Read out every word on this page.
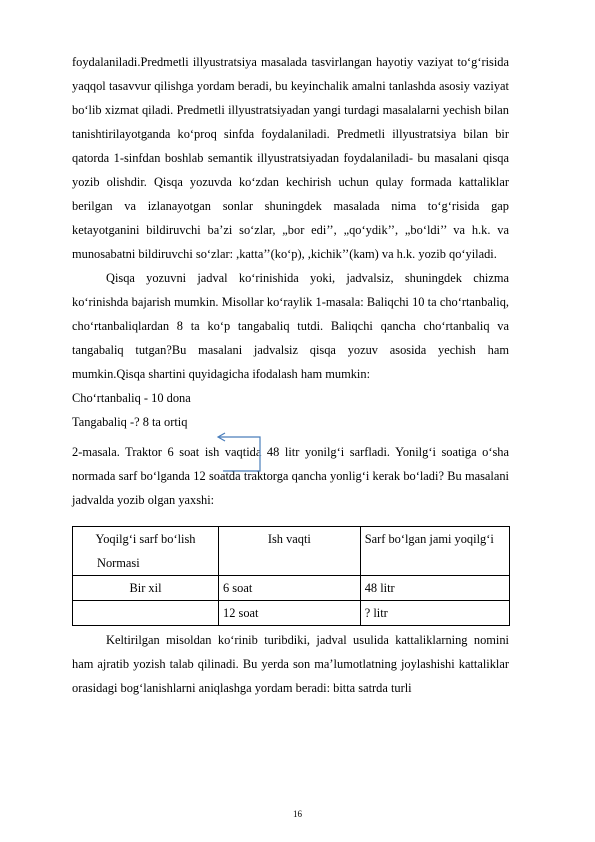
foydalaniladi.Predmetli illyustratsiya masalada tasvirlangan hayotiy vaziyat to‘g‘risida yaqqol tasavvur qilishga yordam beradi, bu keyinchalik amalni tanlashda asosiy vaziyat bo‘lib xizmat qiladi. Predmetli illyustratsiyadan yangi turdagi masalalarni yechish bilan tanishtirilayotganda ko‘proq sinfda foydalaniladi. Predmetli illyustratsiya bilan bir qatorda 1-sinfdan boshlab semantik illyustratsiyadan foydalaniladi- bu masalani qisqa yozib olishdir. Qisqa yozuvda ko‘zdan kechirish uchun qulay formada kattaliklar berilgan va izlanayotgan sonlar shuningdek masalada nima to‘g‘risida gap ketayotganini bildiruvchi ba’zi so‘zlar, „bor edi’’, „qo‘ydik’’, „bo‘ldi’’ va h.k. va munosabatni bildiruvchi so‘zlar: ,katta’’(ko‘p), ,kichik’’(kam) va h.k. yozib qo‘yiladi.

Qisqa yozuvni jadval ko‘rinishida yoki, jadvalsiz, shuningdek chizma ko‘rinishda bajarish mumkin. Misollar ko‘raylik 1-masala: Baliqchi 10 ta cho‘rtanbaliq, cho‘rtanbaliqlardan 8 ta ko‘p tangabaliq tutdi. Baliqchi qancha cho‘rtanbaliq va tangabaliq tutgan?Bu masalani jadvalsiz qisqa yozuv asosida yechish ham mumkin.Qisqa shartini quyidagicha ifodalash ham mumkin:

Cho‘rtanbaliq - 10 dona

Tangabaliq -? 8 ta ortiq

2-masala. Traktor 6 soat ish vaqtida 48 litr yonilg‘i sarfladi. Yonilg‘i soatiga o‘sha normada sarf bo‘lganda 12 soatda traktorga qancha yonlig‘i kerak bo‘ladi? Bu masalani jadvalda yozib olgan yaxshi:

Yoqilg‘i sarf bo‘lish
Normasi	Ish vaqti	Sarf bo‘lgan jami yoqilg‘i
Bir xil	6 soat	48 litr
	12 soat	? litr

Keltirilgan misoldan ko‘rinib turibdiki, jadval usulida kattaliklarning nomini ham ajratib yozish talab qilinadi. Bu yerda son ma’lumotlatning joylashishi kattaliklar orasidagi bog‘lanishlarni aniqlashga yordam beradi: bitta satrda turli

16
